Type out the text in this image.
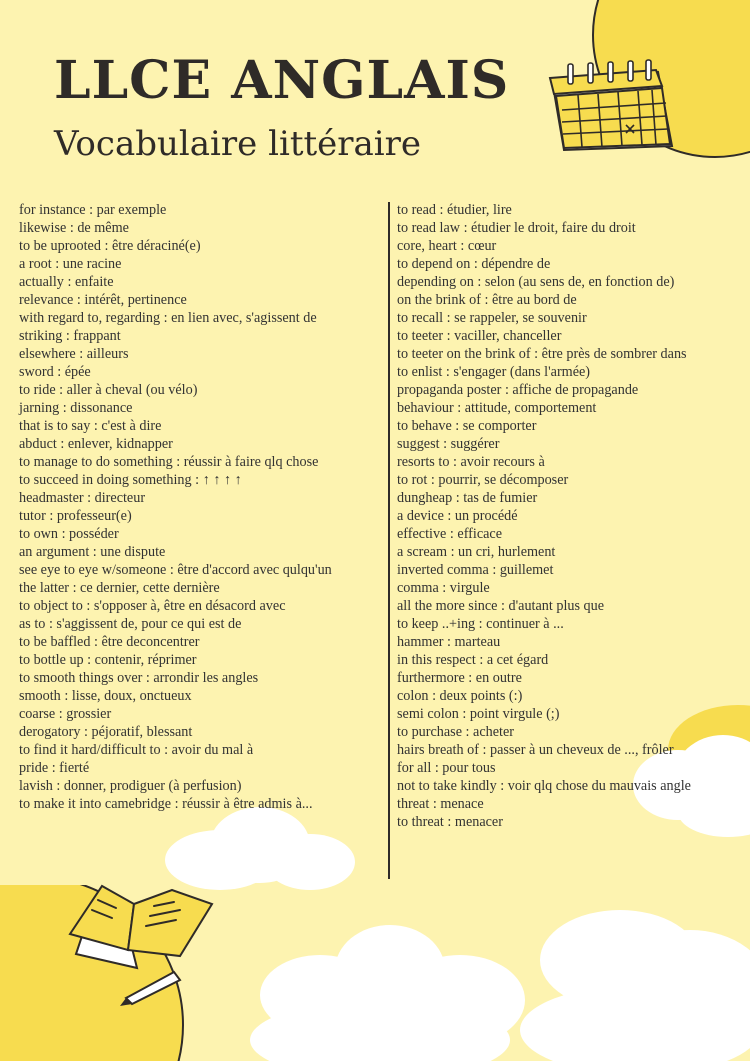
LLCE ANGLAIS
Vocabulaire littéraire
for instance : par exemple
likewise : de même
to be uprooted : être déraciné(e)
a root : une racine
actually : enfaite
relevance : intérêt, pertinence
with regard to, regarding : en lien avec, s'agissent de
striking : frappant
elsewhere : ailleurs
sword : épée
to ride : aller à cheval (ou vélo)
jarning : dissonance
that is to say : c'est à dire
abduct : enlever, kidnapper
to manage to do something : réussir à faire qlq chose
to succeed in doing something : ↑ ↑ ↑ ↑
headmaster : directeur
tutor : professeur(e)
to own : posséder
an argument : une dispute
see eye to eye w/someone : être d'accord avec qulqu'un
the latter : ce dernier, cette dernière
to object to : s'opposer à, être en désacord avec
as to : s'aggissent de, pour ce qui est de
to be baffled : être deconcentrer
to bottle up : contenir, réprimer
to smooth things over : arrondir les angles
smooth : lisse, doux, onctueux
coarse : grossier
derogatory : péjoratif, blessant
to find it hard/difficult to : avoir du mal à
pride : fierté
lavish : donner, prodiguer (à perfusion)
to make it into camebridge : réussir à être admis à...
to read : étudier, lire
to read law : étudier le droit, faire du droit
core, heart : cœur
to depend on : dépendre de
depending on : selon (au sens de, en fonction de)
on the brink of : être au bord de
to recall : se rappeler, se souvenir
to teeter : vaciller, chanceller
to teeter on the brink of : être près de sombrer dans
to enlist : s'engager (dans l'armée)
propaganda poster : affiche de propagande
behaviour : attitude, comportement
to behave : se comporter
suggest : suggérer
resorts to : avoir recours à
to rot : pourrir, se décomposer
dungheap : tas de fumier
a device : un procédé
effective : efficace
a scream : un cri, hurlement
inverted comma : guillemet
comma : virgule
all the more since : d'autant plus que
to keep ..+ing : continuer à ...
hammer : marteau
in this respect : a cet égard
furthermore : en outre
colon : deux points (:)
semi colon : point virgule (;)
to purchase : acheter
hairs breath of : passer à un cheveux de ..., frôler
for all : pour tous
not to take kindly : voir qlq chose du mauvais angle
threat : menace
to threat : menacer
